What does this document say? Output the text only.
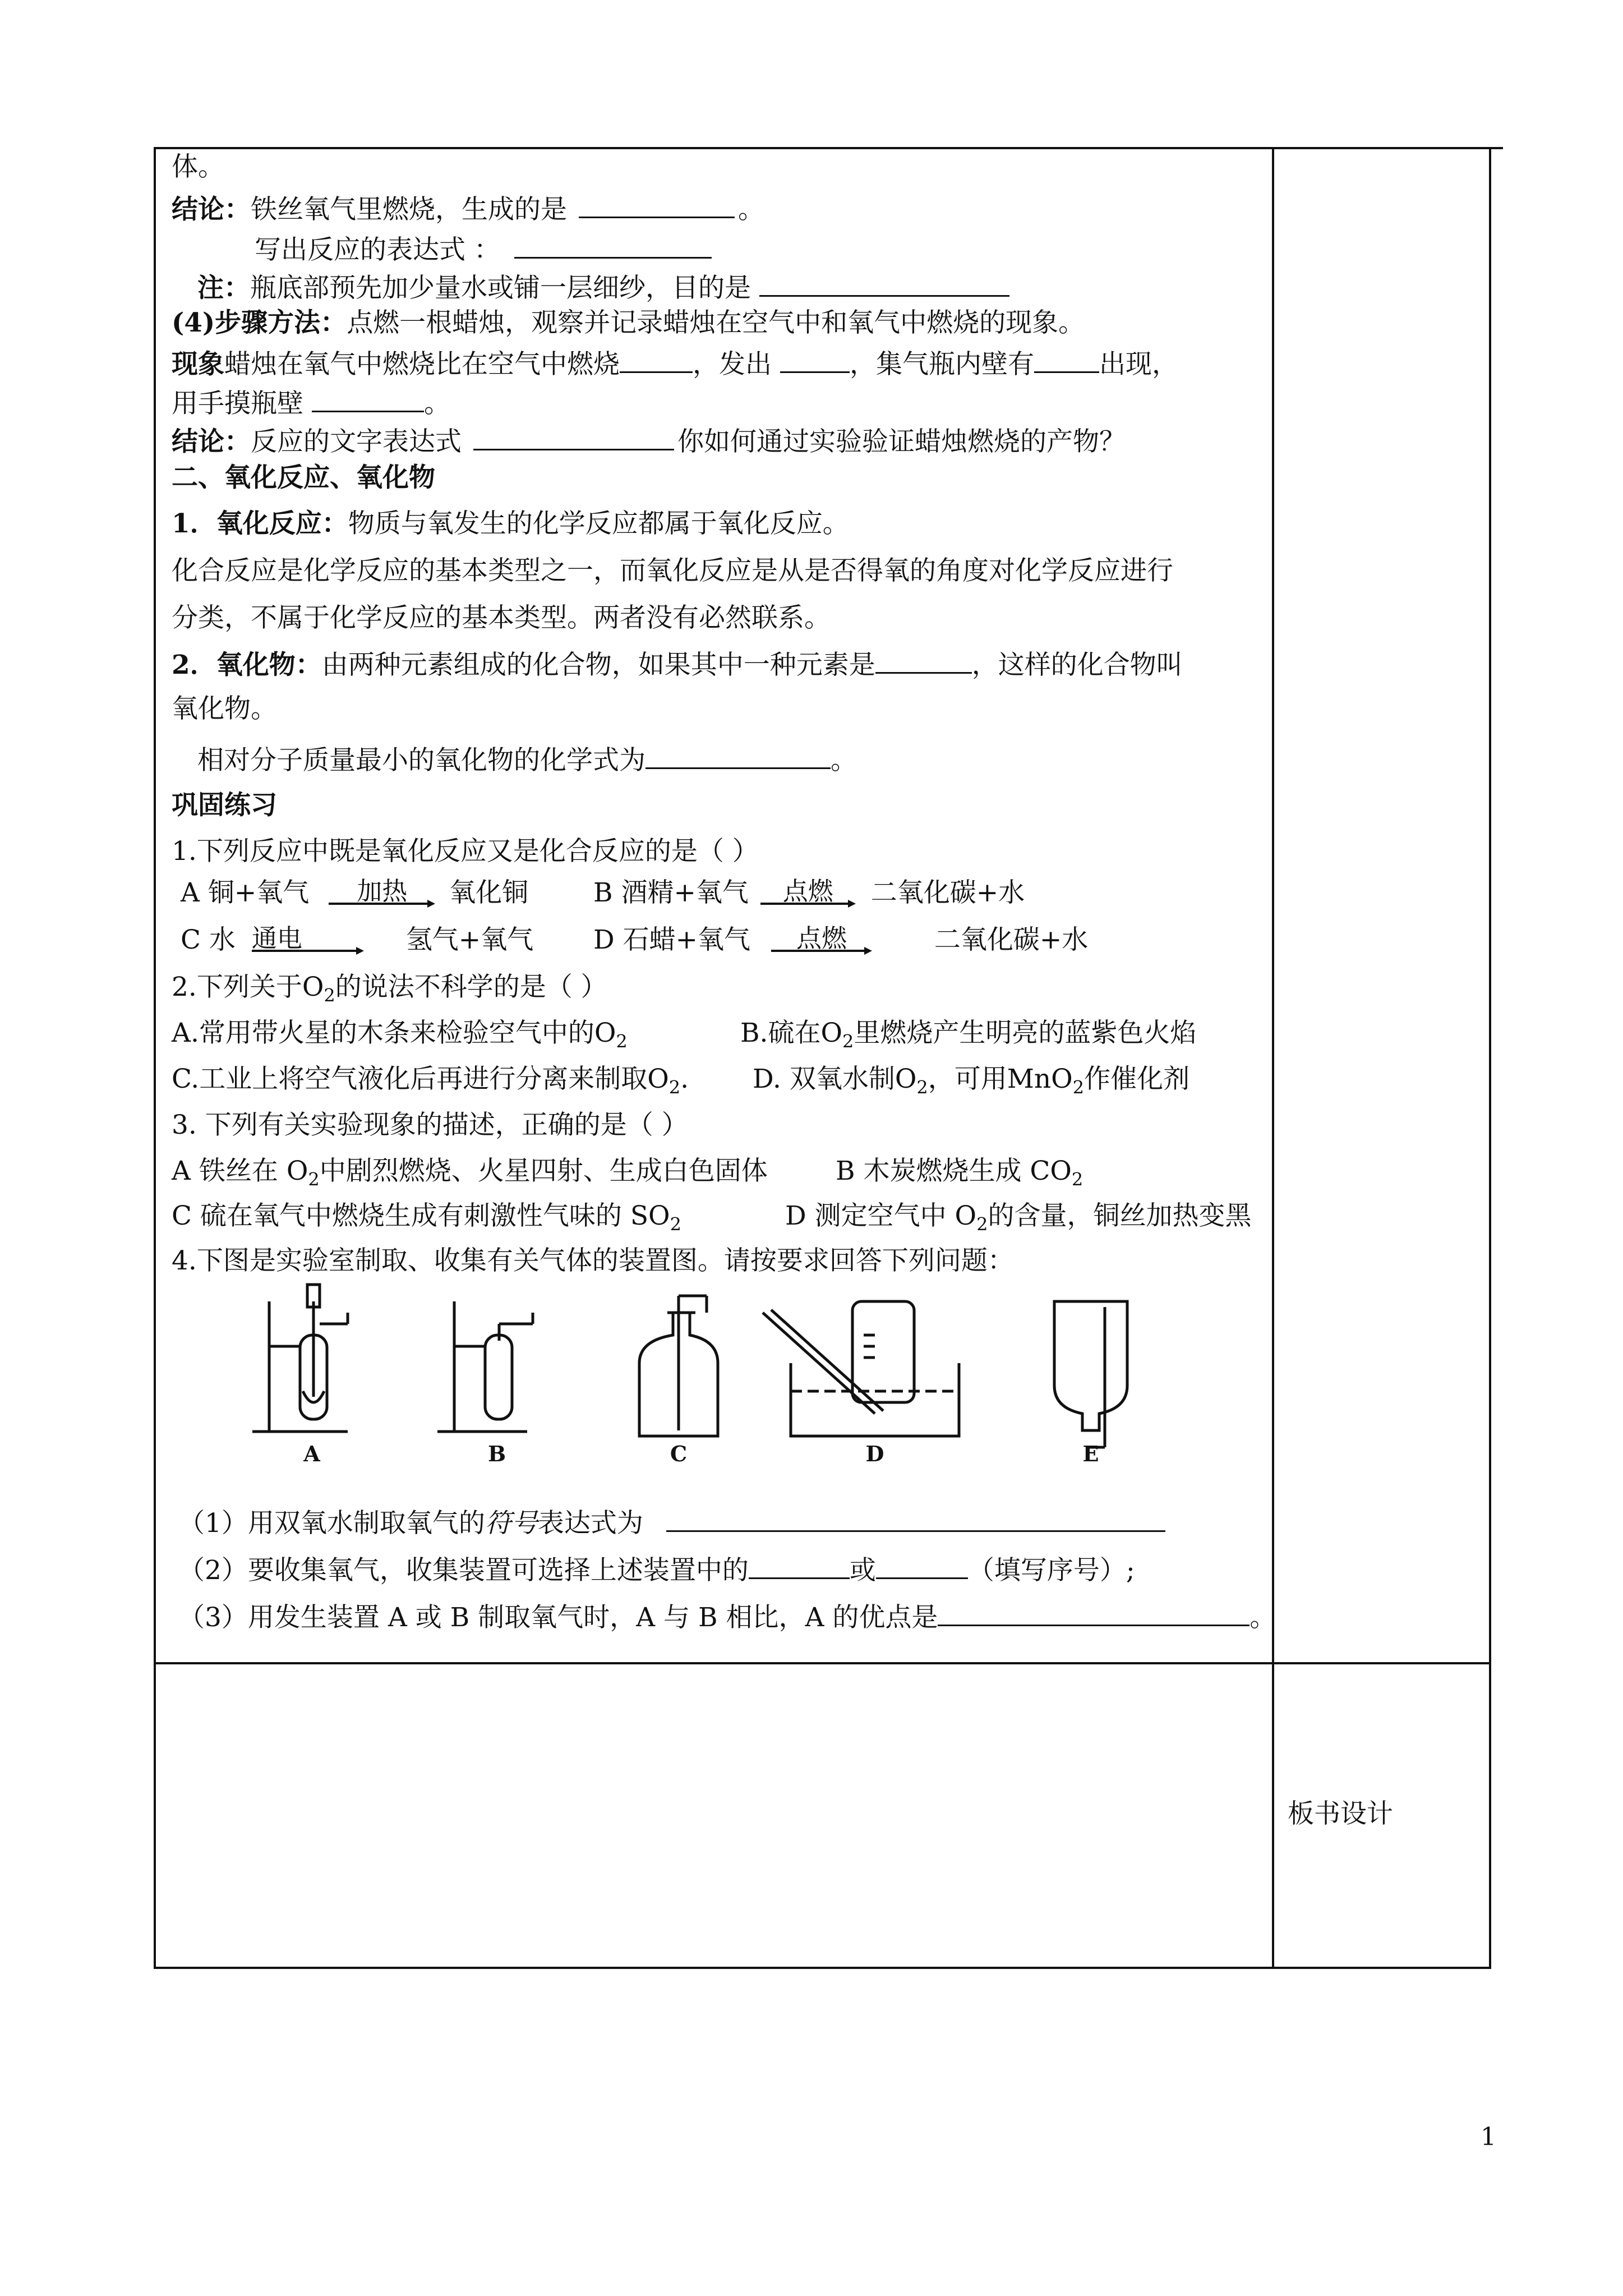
体。
结论：铁丝氧气里燃烧，生成的是	。
写出反应的表达式 ：
注：瓶底部预先加少量水或铺一层细纱，目的是
(4)步骤方法：点燃一根蜡烛，观察并记录蜡烛在空气中和氧气中燃烧的现象。
现象蜡烛在氧气中燃烧比在空气中燃烧	，发出	，集气瓶内壁有 出现，
用手摸瓶壁	。
结论：反应的文字表达式	你如何通过实验验证蜡烛燃烧的产物？
二、氧化反应、氧化物
1．氧化反应：物质与氧发生的化学反应都属于氧化反应。
化合反应是化学反应的基本类型之一，而氧化反应是从是否得氧的角度对化学反应进行
分类，不属于化学反应的基本类型。两者没有必然联系。
2．氧化物：由两种元素组成的化合物，如果其中一种元素是	，这样的化合物叫
氧化物。
相对分子质量最小的氧化物的化学式为	。
巩固练习
1.下列反应中既是氧化反应又是化合反应的是（ ）
A 铜+氧气	加热	氧化铜 B 酒精+氧气	点燃	二氧化碳+水
C 水 通电	氢气+氧气 D 石蜡+氧气	点燃	二氧化碳+水
2.下列关于$O_2$的说法不科学的是（ ）
A.常用带火星的木条来检验空气中的$O_2$	B.硫在$O_2$里燃烧产生明亮的蓝紫色火焰
C.工业上将空气液化后再进行分离来制取$O_2$. D. 双氧水制$O_2$，可用MnO$_2$作催化剂
3. 下列有关实验现象的描述，正确的是（ ）
A 铁丝在 $O_2$中剧烈燃烧、火星四射、生成白色固体	B 木炭燃烧生成 $CO_2$
C 硫在氧气中燃烧生成有刺激性气味的 $SO_2$	D 测定空气中 $O_2$的含量，铜丝加热变黑
4.下图是实验室制取、收集有关气体的装置图。请按要求回答下列问题：
A	B	C	D	E
（1）用双氧水制取氧气的符号表达式为
（2）要收集氧气，收集装置可选择上述装置中的	或	（填写序号）;
（3）用发生装置 A 或 B 制取氧气时，A 与 B 相比，A 的优点是	。
板书设计
1
